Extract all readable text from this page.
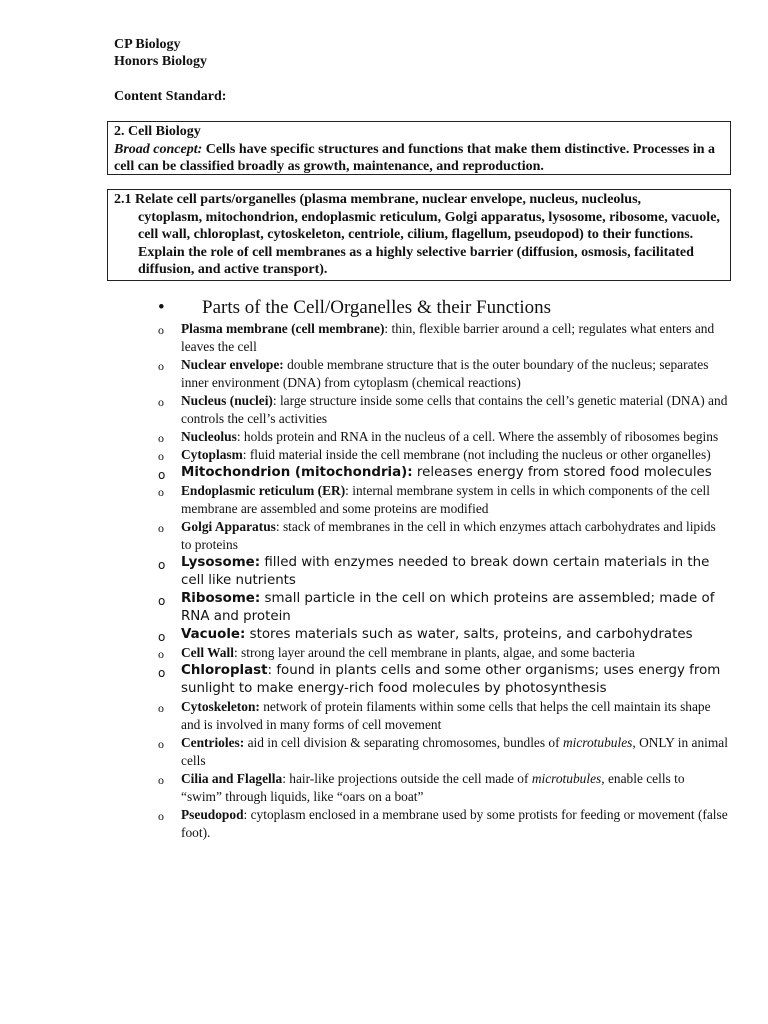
CP Biology
Honors Biology
Content Standard:
2. Cell Biology
Broad concept: Cells have specific structures and functions that make them distinctive. Processes in a cell can be classified broadly as growth, maintenance, and reproduction.
2.1 Relate cell parts/organelles (plasma membrane, nuclear envelope, nucleus, nucleolus,
cytoplasm, mitochondrion, endoplasmic reticulum, Golgi apparatus, lysosome, ribosome, vacuole, cell wall, chloroplast, cytoskeleton, centriole, cilium, flagellum, pseudopod) to their functions. Explain the role of cell membranes as a highly selective barrier (diffusion, osmosis, facilitated diffusion, and active transport).
• Parts of the Cell/Organelles & their Functions
o Plasma membrane (cell membrane): thin, flexible barrier around a cell; regulates what enters and leaves the cell
o Nuclear envelope: double membrane structure that is the outer boundary of the nucleus; separates inner environment (DNA) from cytoplasm (chemical reactions)
o Nucleus (nuclei): large structure inside some cells that contains the cell’s genetic material (DNA) and controls the cell’s activities
o Nucleolus: holds protein and RNA in the nucleus of a cell. Where the assembly of ribosomes begins
o Cytoplasm: fluid material inside the cell membrane (not including the nucleus or other organelles)
o Mitochondrion (mitochondria): releases energy from stored food molecules
o Endoplasmic reticulum (ER): internal membrane system in cells in which components of the cell membrane are assembled and some proteins are modified
o Golgi Apparatus: stack of membranes in the cell in which enzymes attach carbohydrates and lipids to proteins
o Lysosome: filled with enzymes needed to break down certain materials in the cell like nutrients
o Ribosome: small particle in the cell on which proteins are assembled; made of RNA and protein
o Vacuole: stores materials such as water, salts, proteins, and carbohydrates
o Cell Wall: strong layer around the cell membrane in plants, algae, and some bacteria
o Chloroplast: found in plants cells and some other organisms; uses energy from sunlight to make energy-rich food molecules by photosynthesis
o Cytoskeleton: network of protein filaments within some cells that helps the cell maintain its shape and is involved in many forms of cell movement
o Centrioles: aid in cell division & separating chromosomes, bundles of microtubules, ONLY in animal cells
o Cilia and Flagella: hair-like projections outside the cell made of microtubules, enable cells to “swim” through liquids, like “oars on a boat”
o Pseudopod: cytoplasm enclosed in a membrane used by some protists for feeding or movement (false foot).
